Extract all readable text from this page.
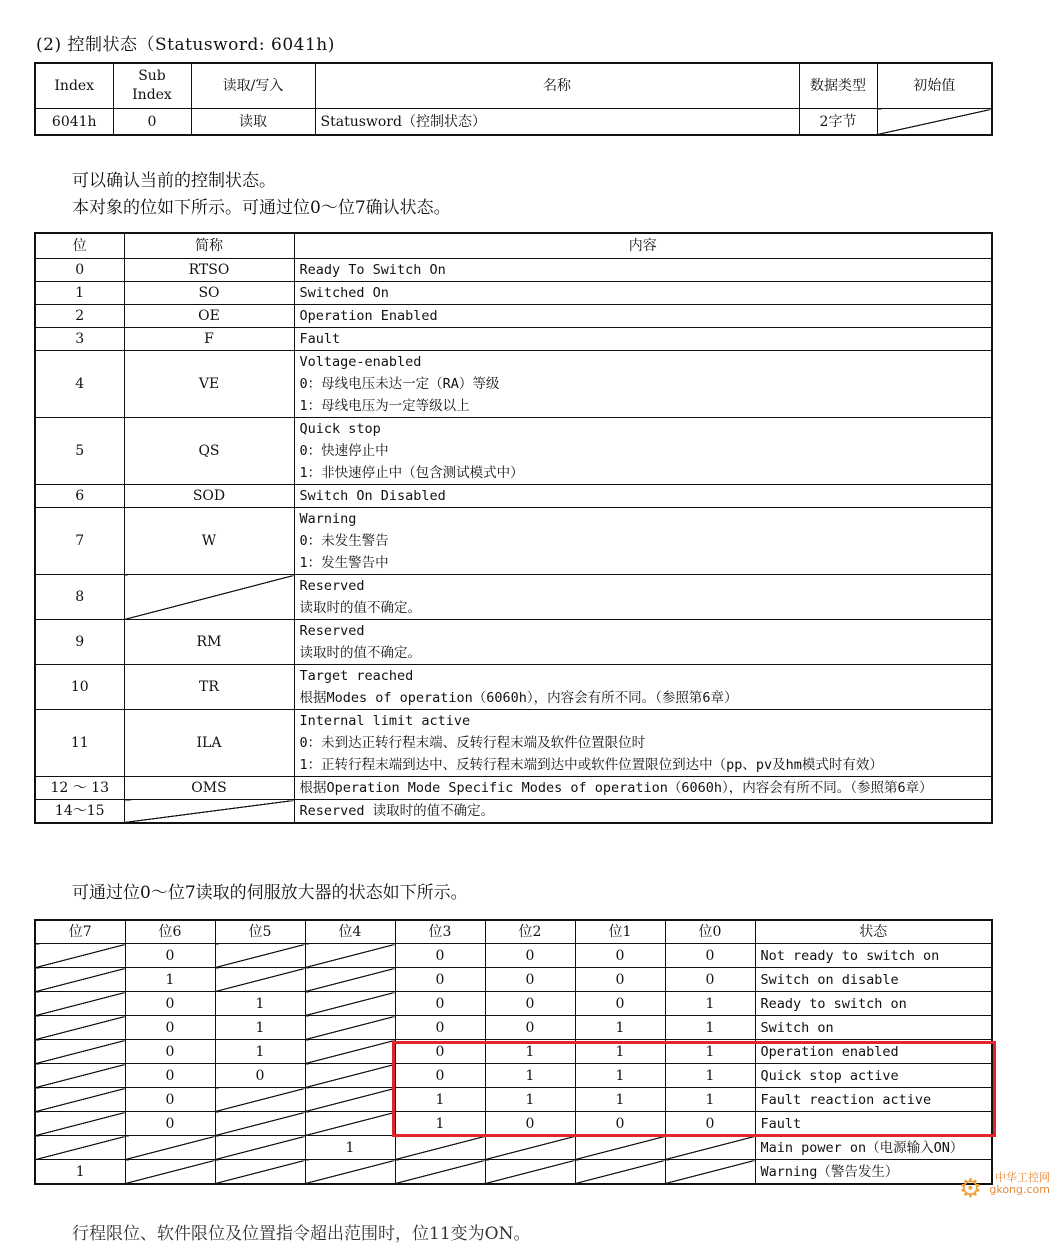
(2) 控制状态（Statusword: 6041h)
Index	Sub Index	读取/写入	名称	数据类型	初始值
6041h	0	读取	Statusword（控制状态）	2字节	
可以确认当前的控制状态。
本对象的位如下所示。可通过位0～位7确认状态。
位	简称	内容
0	RTSO	Ready To Switch On

1	SO	Switched On

2	OE	Operation Enabled

3	F	Fault

4	VE	Voltage-enabled
0：母线电压未达一定（RA）等级
1：母线电压为一定等级以上

5	QS	Quick stop
0：快速停止中
1：非快速停止中（包含测试模式中）

6	SOD	Switch On Disabled

7	W	Warning
0：未发生警告
1：发生警告中

8		Reserved
读取时的值不确定。

9	RM	Reserved
读取时的值不确定。

10	TR	Target reached
根据Modes of operation（6060h），内容会有所不同。（参照第6章）

11	ILA	Internal limit active
0：未到达正转行程末端、反转行程末端及软件位置限位时
1：正转行程末端到达中、反转行程末端到达中或软件位置限位到达中（pp、pv及hm模式时有效）

12 ～ 13	OMS	根据Operation Mode Specific Modes of operation（6060h），内容会有所不同。（参照第6章）

14～15		Reserved 读取时的值不确定。
可通过位0～位7读取的伺服放大器的状态如下所示。
位7	位6	位5	位4	位3	位2	位1	位0	状态
	0			0	0	0	0	Not ready to switch on
	1			0	0	0	0	Switch on disable
	0	1		0	0	0	1	Ready to switch on
	0	1		0	0	1	1	Switch on
	0	1		0	1	1	1	Operation enabled
	0	0		0	1	1	1	Quick stop active
	0			1	1	1	1	Fault reaction active
	0			1	0	0	0	Fault
			1					Main power on（电源输入ON）
1								Warning（警告发生）
⚙	中华工控网
gkong.com
行程限位、软件限位及位置指令超出范围时，位11变为ON。
